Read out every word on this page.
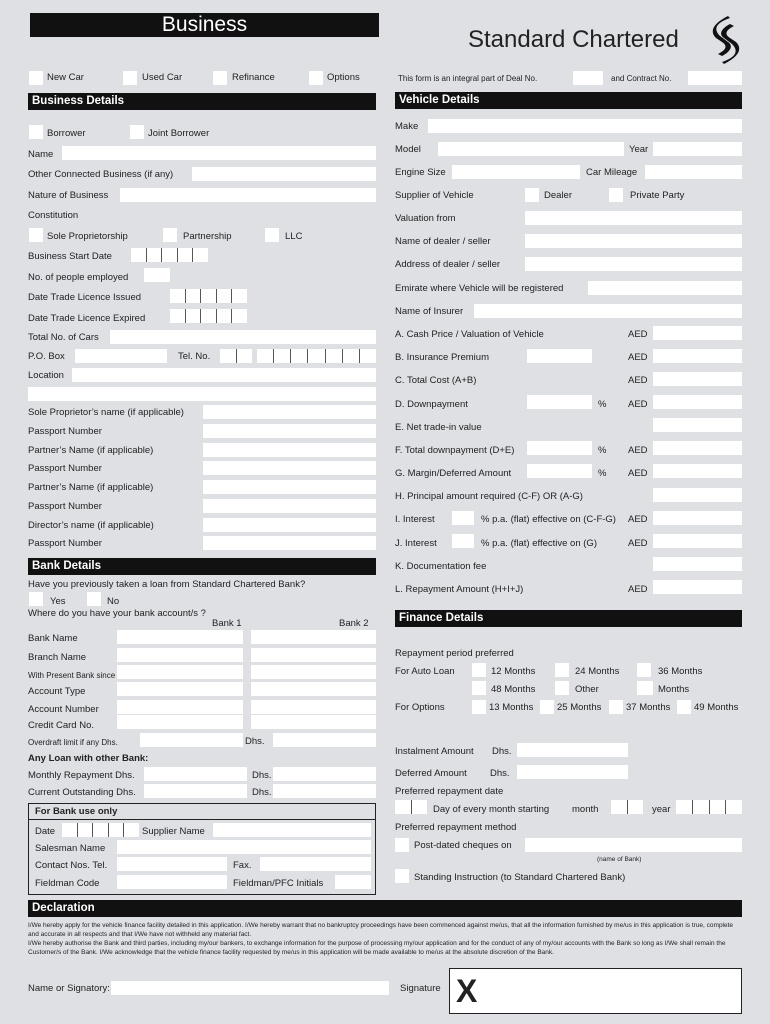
Business
Standard Chartered
New Car	Used Car	Refinance	Options	This form is an integral part of Deal No.	and Contract No.
Business Details
Borrower	Joint Borrower
Name
Other Connected Business (if any)
Nature of Business
Constitution
Sole Proprietorship	Partnership	LLC
Business Start Date
No. of people employed
Date Trade Licence Issued
Date Trade Licence Expired
Total No. of Cars
P.O. Box	Tel. No.
Location
Sole Proprietor’s name (if applicable)
Passport Number
Partner’s Name (if applicable)
Passport Number
Partner’s Name (if applicable)
Passport Number
Director’s name (if applicable)
Passport Number
Bank Details
Have you previously taken a loan from Standard Chartered Bank?
Yes	No
Where do you have your bank account/s ?
Bank 1	Bank 2
Bank Name
Branch Name
With Present Bank since
Account Type
Account Number
Credit Card No.
Overdraft limit if any Dhs.	Dhs.
Any Loan with other Bank:
Monthly Repayment Dhs.	Dhs.
Current Outstanding Dhs.	Dhs.
For Bank use only
Date	Supplier Name
Salesman Name
Contact Nos. Tel.	Fax.
Fieldman Code	Fieldman/PFC Initials
Vehicle Details
Make
Model	Year
Engine Size	Car Mileage
Supplier of Vehicle	Dealer	Private Party
Valuation from
Name of dealer / seller
Address of dealer / seller
Emirate where Vehicle will be registered
Name of Insurer
A. Cash Price / Valuation of Vehicle	AED
B. Insurance Premium	AED
C. Total Cost (A+B)	AED
D. Downpayment	% AED
E. Net trade-in value
F. Total downpayment (D+E)	% AED
G. Margin/Deferred Amount	% AED
H. Principal amount required (C-F) OR (A-G)
I. Interest	% p.a. (flat) effective on (C-F-G) AED
J. Interest	% p.a. (flat) effective on (G)	AED
K. Documentation fee
L. Repayment Amount (H+I+J)	AED
Finance Details
Repayment period preferred
For Auto Loan	12 Months	24 Months	36 Months
48 Months	Other	Months
For Options	13 Months 25 Months	37 Months 49 Months
Instalment Amount Dhs.
Deferred Amount Dhs.
Preferred repayment date
Day of every month starting month	year
Preferred repayment method
Post-dated cheques on
(name of Bank)
Standing Instruction (to Standard Chartered Bank)
Declaration
I/We hereby apply for the vehicle finance facility detailed in this application. I/We hereby warrant that no bankruptcy proceedings have been commenced against me/us, that all the information furnished by me/us in this application is true, complete and accurate in all respects and that I/We have not withheld any material fact.
I/We hereby authorise the Bank and third parties, including my/our bankers, to exchange information for the purpose of processing my/our application and for the conduct of any of my/our accounts with the Bank so long as I/We shall remain the Customer/s of the Bank. I/We acknowledge that the vehicle finance facility requested by me/us in this application will be made available to me/us at the absolute discretion of the Bank.
Name or Signatory:	Signature X
